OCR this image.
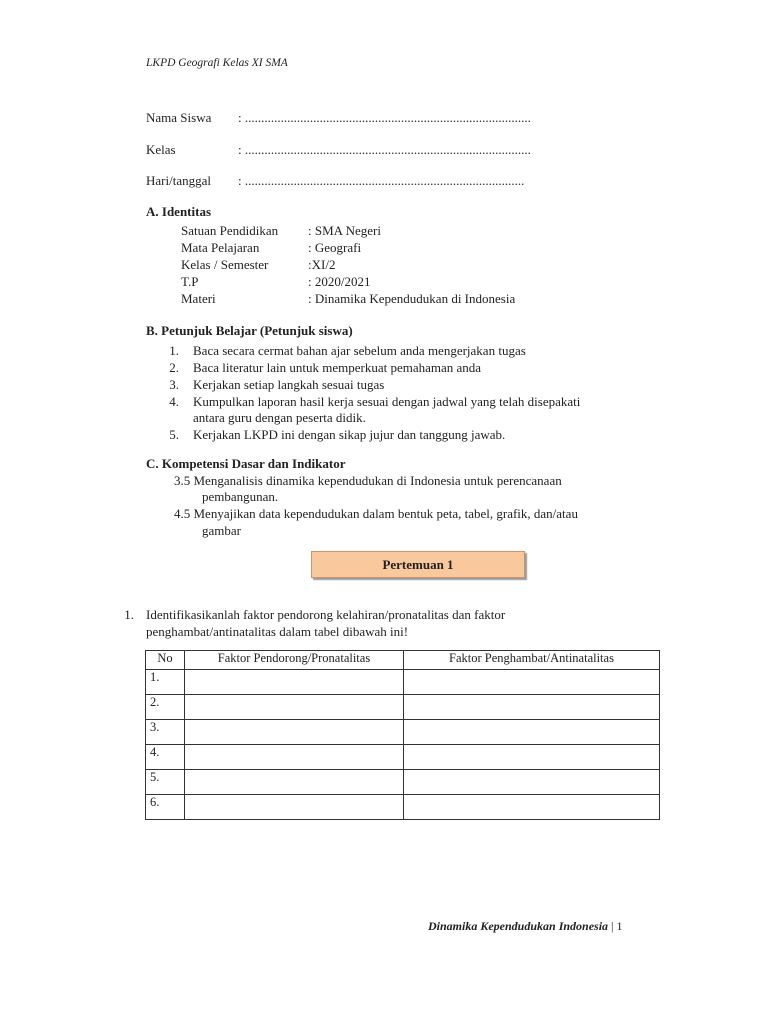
LKPD Geografi Kelas XI SMA
Nama Siswa : ........................................................................................
Kelas	: ........................................................................................
Hari/tanggal : ......................................................................................
A. Identitas
Satuan Pendidikan : SMA Negeri
Mata Pelajaran	: Geografi
Kelas / Semester	:XI/2
T.P	: 2020/2021
Materi	: Dinamika Kependudukan di Indonesia
B. Petunjuk Belajar (Petunjuk siswa)
1. Baca secara cermat bahan ajar sebelum anda mengerjakan tugas
2. Baca literatur lain untuk memperkuat pemahaman anda
3. Kerjakan setiap langkah sesuai tugas
4. Kumpulkan laporan hasil kerja sesuai dengan jadwal yang telah disepakati
antara guru dengan peserta didik.
5. Kerjakan LKPD ini dengan sikap jujur dan tanggung jawab.
C. Kompetensi Dasar dan Indikator
3.5 Menganalisis dinamika kependudukan di Indonesia untuk perencanaan
pembangunan.
4.5 Menyajikan data kependudukan dalam bentuk peta, tabel, grafik, dan/atau
gambar
Pertemuan 1
1. Identifikasikanlah faktor pendorong kelahiran/pronatalitas dan faktor
penghambat/antinatalitas dalam tabel dibawah ini!
No	Faktor Pendorong/Pronatalitas	Faktor Penghambat/Antinatalitas
1.		
2.		
3.		
4.		
5.		
6.		
Dinamika Kependudukan Indonesia | 1
